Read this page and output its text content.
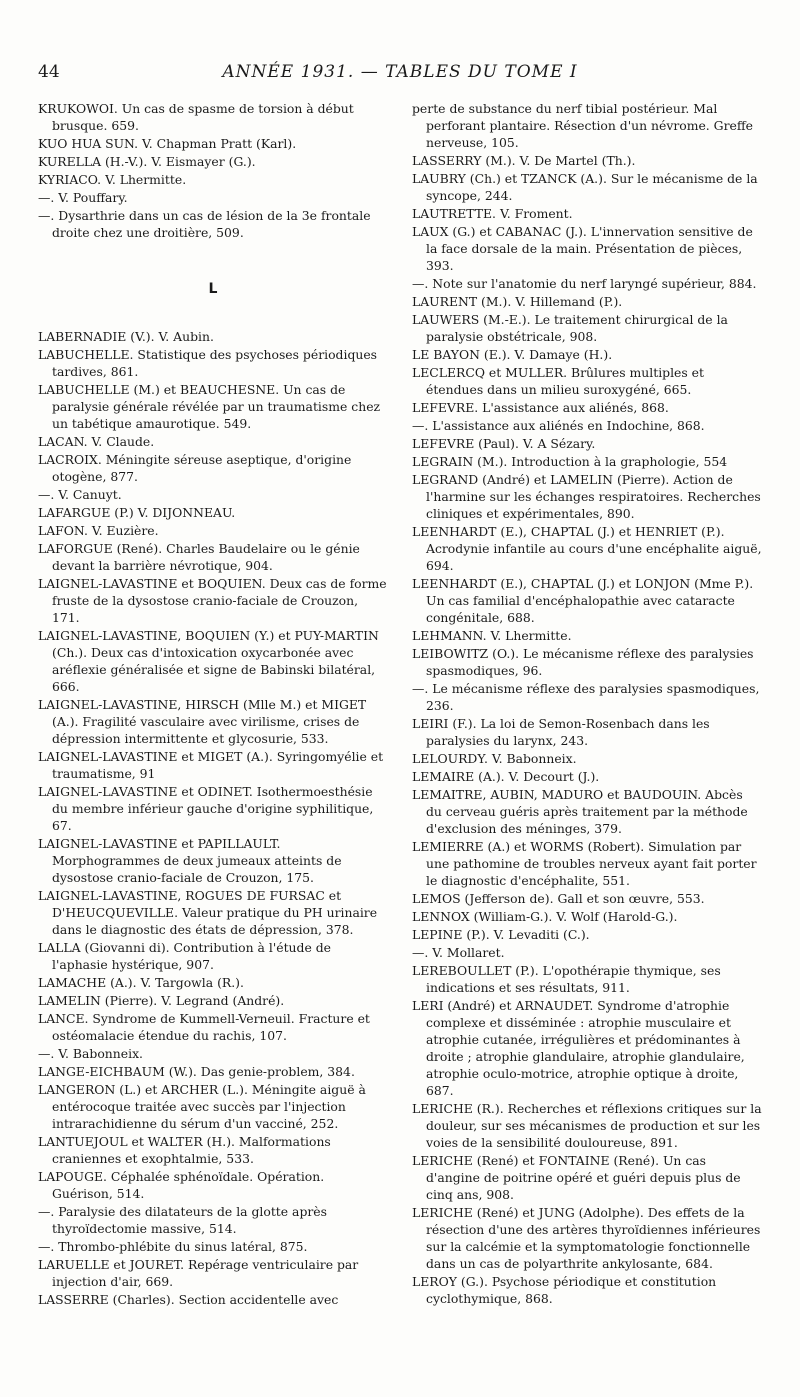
44	ANNÉE 1931. — TABLES DU TOME I

KRUKOWOI. Un cas de spasme de torsion à début brusque. 659.

KUO HUA SUN. V. Chapman Pratt (Karl).

KURELLA (H.-V.). V. Eismayer (G.).

KYRIACO. V. Lhermitte.

—. V. Pouffary.

—. Dysarthrie dans un cas de lésion de la 3e frontale droite chez une droitière, 509.

L

LABERNADIE (V.). V. Aubin.

LABUCHELLE. Statistique des psychoses périodiques tardives, 861.

LABUCHELLE (M.) et BEAUCHESNE. Un cas de paralysie générale révélée par un traumatisme chez un tabétique amaurotique. 549.

LACAN. V. Claude.

LACROIX. Méningite séreuse aseptique, d'origine otogène, 877.

—. V. Canuyt.

LAFARGUE (P.) V. DIJONNEAU.

LAFON. V. Euzière.

LAFORGUE (René). Charles Baudelaire ou le génie devant la barrière névrotique, 904.

LAIGNEL-LAVASTINE et BOQUIEN. Deux cas de forme fruste de la dysostose cranio-faciale de Crouzon, 171.

LAIGNEL-LAVASTINE, BOQUIEN (Y.) et PUY-MARTIN (Ch.). Deux cas d'intoxication oxycarbonée avec aréflexie généralisée et signe de Babinski bilatéral, 666.

LAIGNEL-LAVASTINE, HIRSCH (Mlle M.) et MIGET (A.). Fragilité vasculaire avec virilisme, crises de dépression intermittente et glycosurie, 533.

LAIGNEL-LAVASTINE et MIGET (A.). Syringomyélie et traumatisme, 91

LAIGNEL-LAVASTINE et ODINET. Isothermoesthésie du membre inférieur gauche d'origine syphilitique, 67.

LAIGNEL-LAVASTINE et PAPILLAULT. Morphogrammes de deux jumeaux atteints de dysostose cranio-faciale de Crouzon, 175.

LAIGNEL-LAVASTINE, ROGUES DE FURSAC et D'HEUCQUEVILLE. Valeur pratique du PH urinaire dans le diagnostic des états de dépression, 378.

LALLA (Giovanni di). Contribution à l'étude de l'aphasie hystérique, 907.

LAMACHE (A.). V. Targowla (R.).

LAMELIN (Pierre). V. Legrand (André).

LANCE. Syndrome de Kummell-Verneuil. Fracture et ostéomalacie étendue du rachis, 107.

—. V. Babonneix.

LANGE-EICHBAUM (W.). Das genie-problem, 384.

LANGERON (L.) et ARCHER (L.). Méningite aiguë à entérocoque traitée avec succès par l'injection intrarachidienne du sérum d'un vacciné, 252.

LANTUEJOUL et WALTER (H.). Malformations craniennes et exophtalmie, 533.

LAPOUGE. Céphalée sphénoïdale. Opération. Guérison, 514.

—. Paralysie des dilatateurs de la glotte après thyroïdectomie massive, 514.

—. Thrombo-phlébite du sinus latéral, 875.

LARUELLE et JOURET. Repérage ventriculaire par injection d'air, 669.

LASSERRE (Charles). Section accidentelle avec

perte de substance du nerf tibial postérieur. Mal perforant plantaire. Résection d'un névrome. Greffe nerveuse, 105.

LASSERRY (M.). V. De Martel (Th.).

LAUBRY (Ch.) et TZANCK (A.). Sur le mécanisme de la syncope, 244.

LAUTRETTE. V. Froment.

LAUX (G.) et CABANAC (J.). L'innervation sensitive de la face dorsale de la main. Présentation de pièces, 393.

—. Note sur l'anatomie du nerf laryngé supérieur, 884.

LAURENT (M.). V. Hillemand (P.).

LAUWERS (M.-E.). Le traitement chirurgical de la paralysie obstétricale, 908.

LE BAYON (E.). V. Damaye (H.).

LECLERCQ et MULLER. Brûlures multiples et étendues dans un milieu suroxygéné, 665.

LEFEVRE. L'assistance aux aliénés, 868.

—. L'assistance aux aliénés en Indochine, 868.

LEFEVRE (Paul). V. A Sézary.

LEGRAIN (M.). Introduction à la graphologie, 554

LEGRAND (André) et LAMELIN (Pierre). Action de l'harmine sur les échanges respiratoires. Recherches cliniques et expérimentales, 890.

LEENHARDT (E.), CHAPTAL (J.) et HENRIET (P.). Acrodynie infantile au cours d'une encéphalite aiguë, 694.

LEENHARDT (E.), CHAPTAL (J.) et LONJON (Mme P.). Un cas familial d'encéphalopathie avec cataracte congénitale, 688.

LEHMANN. V. Lhermitte.

LEIBOWITZ (O.). Le mécanisme réflexe des paralysies spasmodiques, 96.

—. Le mécanisme réflexe des paralysies spasmodiques, 236.

LEIRI (F.). La loi de Semon-Rosenbach dans les paralysies du larynx, 243.

LELOURDY. V. Babonneix.

LEMAIRE (A.). V. Decourt (J.).

LEMAITRE, AUBIN, MADURO et BAUDOUIN. Abcès du cerveau guéris après traitement par la méthode d'exclusion des méninges, 379.

LEMIERRE (A.) et WORMS (Robert). Simulation par une pathomine de troubles nerveux ayant fait porter le diagnostic d'encéphalite, 551.

LEMOS (Jefferson de). Gall et son œuvre, 553.

LENNOX (William-G.). V. Wolf (Harold-G.).

LEPINE (P.). V. Levaditi (C.).

—. V. Mollaret.

LEREBOULLET (P.). L'opothérapie thymique, ses indications et ses résultats, 911.

LERI (André) et ARNAUDET. Syndrome d'atrophie complexe et disséminée : atrophie musculaire et atrophie cutanée, irrégulières et prédominantes à droite ; atrophie glandulaire, atrophie glandulaire, atrophie oculo-motrice, atrophie optique à droite, 687.

LERICHE (R.). Recherches et réflexions critiques sur la douleur, sur ses mécanismes de production et sur les voies de la sensibilité douloureuse, 891.

LERICHE (René) et FONTAINE (René). Un cas d'angine de poitrine opéré et guéri depuis plus de cinq ans, 908.

LERICHE (René) et JUNG (Adolphe). Des effets de la résection d'une des artères thyroïdiennes inférieures sur la calcémie et la symptomatologie fonctionnelle dans un cas de polyarthrite ankylosante, 684.

LEROY (G.). Psychose périodique et constitution cyclothymique, 868.
